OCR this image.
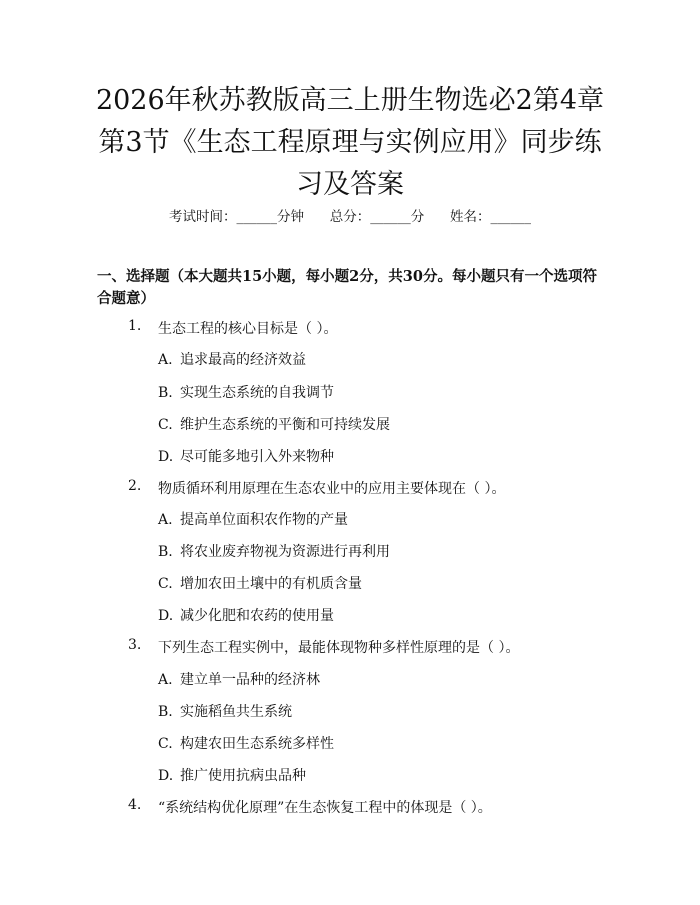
2026年秋苏教版高三上册生物选必2第4章
第3节《生态工程原理与实例应用》同步练
习及答案
考试时间：______分钟      总分：______分      姓名：______

一、选择题（本大题共15小题，每小题2分，共30分。每小题只有一个选项符合题意）

1. 生态工程的核心目标是（ ）。
A. 追求最高的经济效益
B. 实现生态系统的自我调节
C. 维护生态系统的平衡和可持续发展
D. 尽可能多地引入外来物种
2. 物质循环利用原理在生态农业中的应用主要体现在（ ）。
A. 提高单位面积农作物的产量
B. 将农业废弃物视为资源进行再利用
C. 增加农田土壤中的有机质含量
D. 减少化肥和农药的使用量
3. 下列生态工程实例中，最能体现物种多样性原理的是（ ）。
A. 建立单一品种的经济林
B. 实施稻鱼共生系统
C. 构建农田生态系统多样性
D. 推广使用抗病虫品种
4. “系统结构优化原理”在生态恢复工程中的体现是（ ）。
